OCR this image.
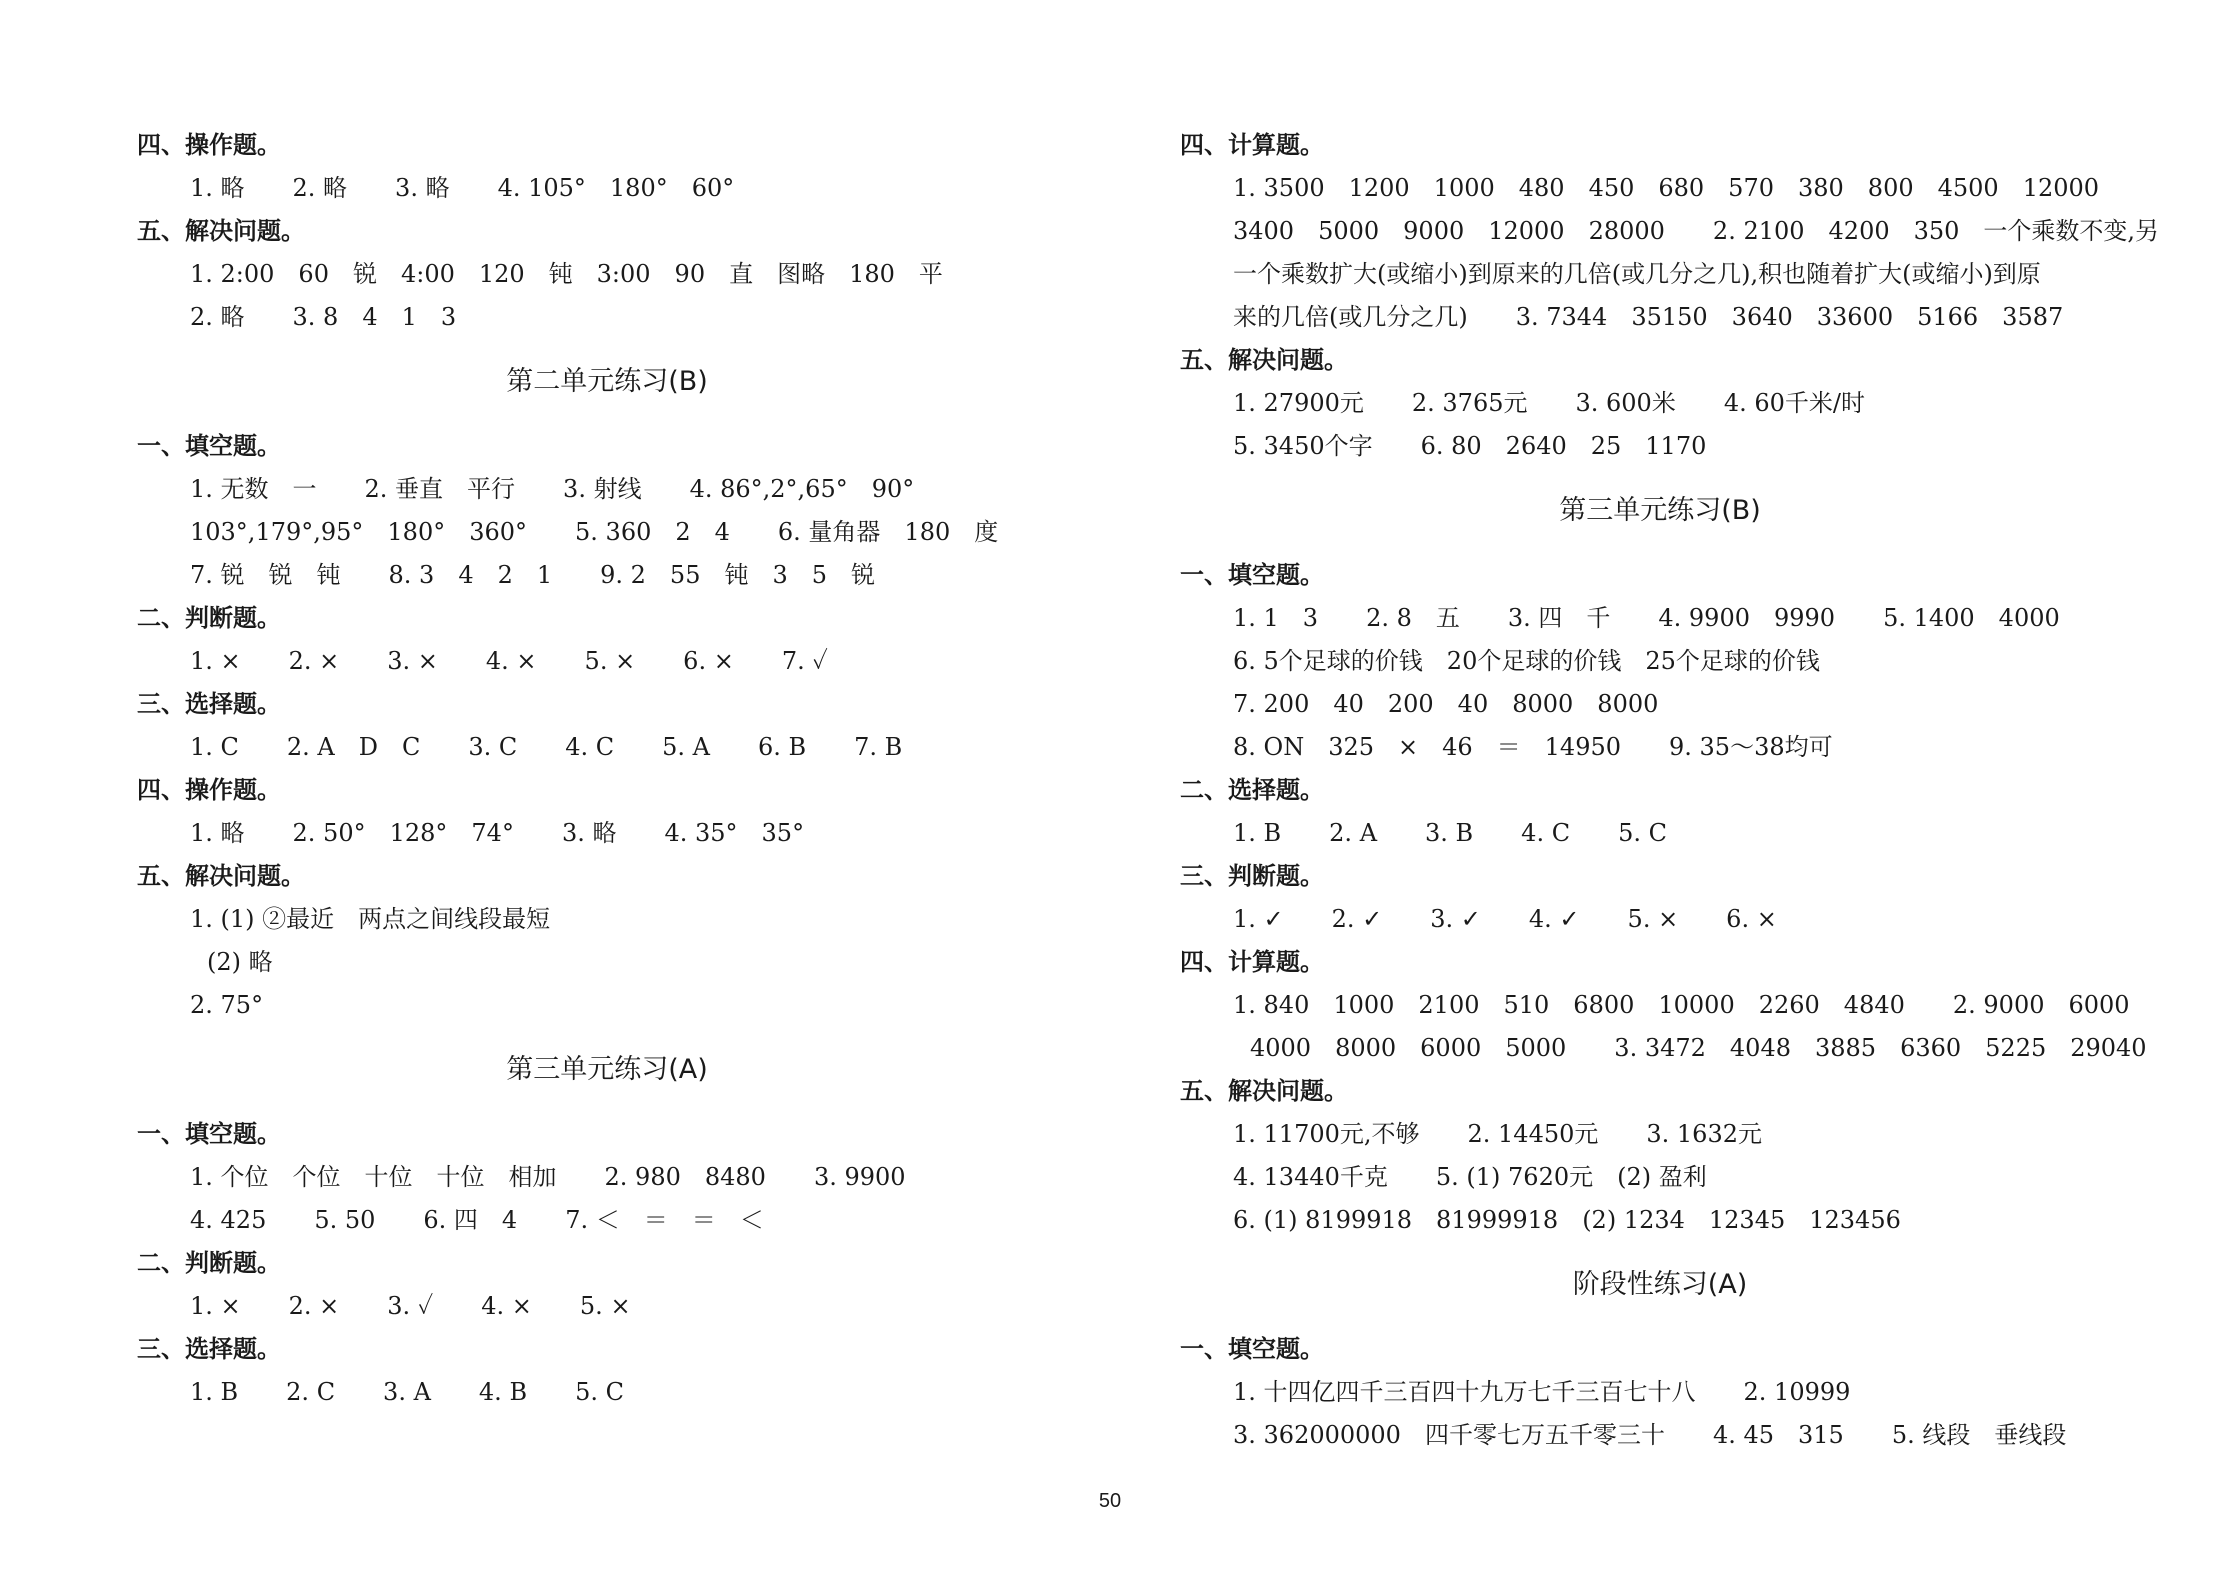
四、操作题。
1. 略　　2. 略　　3. 略　　4. 105°　180°　60°
五、解决问题。
1. 2:00　60　锐　4:00　120　钝　3:00　90　直　图略　180　平
2. 略　　3. 8　4　1　3
第二单元练习(B)
一、填空题。
1. 无数　一　　2. 垂直　平行　　3. 射线　　4. 86°,2°,65°　90°
103°,179°,95°　180°　360°　　5. 360　2　4　　6. 量角器　180　度
7. 锐　锐　钝　　8. 3　4　2　1　　9. 2　55　钝　3　5　锐
二、判断题。
1. ×　　2. ×　　3. ×　　4. ×　　5. ×　　6. ×　　7. ✓
三、选择题。
1. C　　2. A　D　C　　3. C　　4. C　　5. A　　6. B　　7. B
四、操作题。
1. 略　　2. 50°　128°　74°　　3. 略　　4. 35°　35°
五、解决问题。
1. (1) ②最近　两点之间线段最短
(2) 略
2. 75°
第三单元练习(A)
一、填空题。
1. 个位　个位　十位　十位　相加　　2. 980　8480　　3. 9900
4. 425　　5. 50　　6. 四　4　　7. ＜　＝　＝　＜
二、判断题。
1. ×　　2. ×　　3. ✓　　4. ×　　5. ×
三、选择题。
1. B　　2. C　　3. A　　4. B　　5. C
四、计算题。
1. 3500　1200　1000　480　450　680　570　380　800　4500　12000
3400　5000　9000　12000　28000　　2. 2100　4200　350　一个乘数不变,另
一个乘数扩大(或缩小)到原来的几倍(或几分之几),积也随着扩大(或缩小)到原
来的几倍(或几分之几)　　3. 7344　35150　3640　33600　5166　3587
五、解决问题。
1. 27900元　　2. 3765元　　3. 600米　　4. 60千米/时
5. 3450个字　　6. 80　2640　25　1170
第三单元练习(B)
一、填空题。
1. 1　3　　2. 8　五　　3. 四　千　　4. 9900　9990　　5. 1400　4000
6. 5个足球的价钱　20个足球的价钱　25个足球的价钱
7. 200　40　200　40　8000　8000
8. ON　325　×　46　＝　14950　　9. 35～38均可
二、选择题。
1. B　　2. A　　3. B　　4. C　　5. C
三、判断题。
1. ✓　　2. ✓　　3. ✓　　4. ✓　　5. ×　　6. ×
四、计算题。
1. 840　1000　2100　510　6800　10000　2260　4840　　2. 9000　6000
4000　8000　6000　5000　　3. 3472　4048　3885　6360　5225　29040
五、解决问题。
1. 11700元,不够　　2. 14450元　　3. 1632元
4. 13440千克　　5. (1) 7620元　(2) 盈利
6. (1) 8199918　81999918　(2) 1234　12345　123456
阶段性练习(A)
一、填空题。
1. 十四亿四千三百四十九万七千三百七十八　　2. 10999
3. 362000000　四千零七万五千零三十　　4. 45　315　　5. 线段　垂线段
50
